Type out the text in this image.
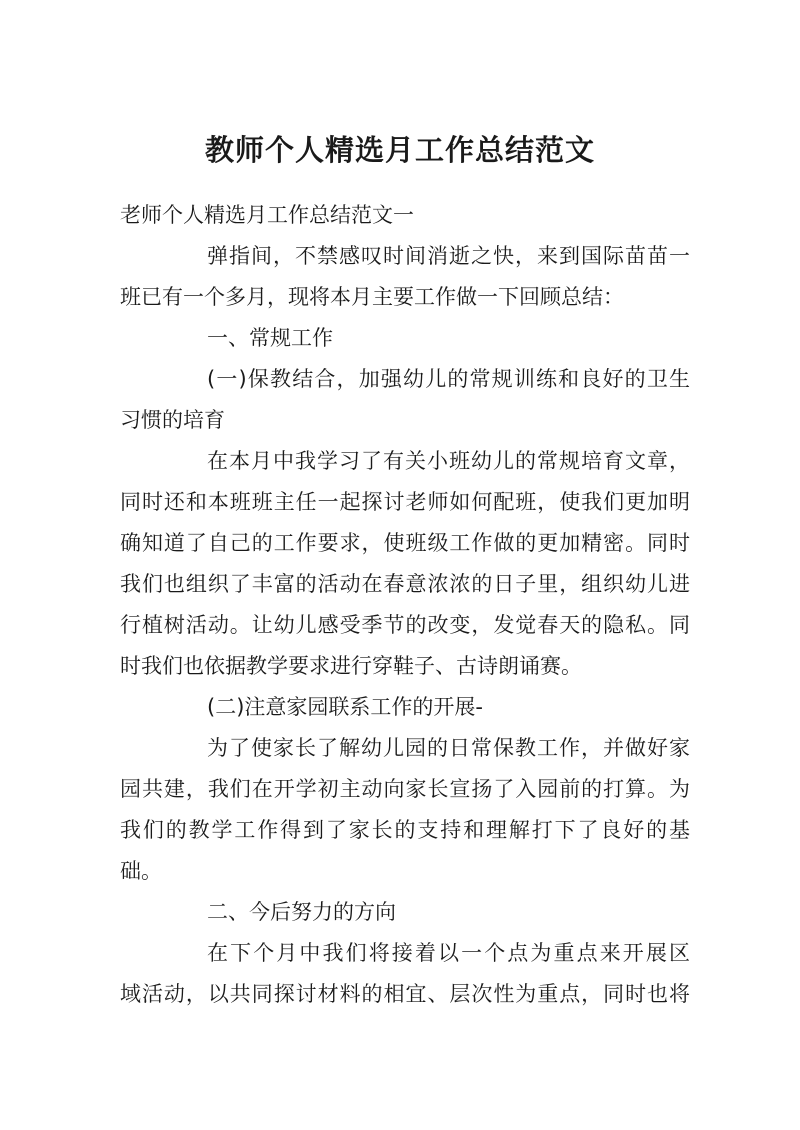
教师个人精选月工作总结范文

老师个人精选月工作总结范文一

弹指间，不禁感叹时间消逝之快，来到国际苗苗一

班已有一个多月，现将本月主要工作做一下回顾总结：

一、常规工作

(一)保教结合，加强幼儿的常规训练和良好的卫生

习惯的培育

在本月中我学习了有关小班幼儿的常规培育文章，

同时还和本班班主任一起探讨老师如何配班，使我们更加明

确知道了自己的工作要求，使班级工作做的更加精密。同时

我们也组织了丰富的活动在春意浓浓的日子里，组织幼儿进

行植树活动。让幼儿感受季节的改变，发觉春天的隐私。同

时我们也依据教学要求进行穿鞋子、古诗朗诵赛。

(二)注意家园联系工作的开展-

为了使家长了解幼儿园的日常保教工作，并做好家

园共建，我们在开学初主动向家长宣扬了入园前的打算。为

我们的教学工作得到了家长的支持和理解打下了良好的基

础。

二、今后努力的方向

在下个月中我们将接着以一个点为重点来开展区

域活动，以共同探讨材料的相宜、层次性为重点，同时也将
